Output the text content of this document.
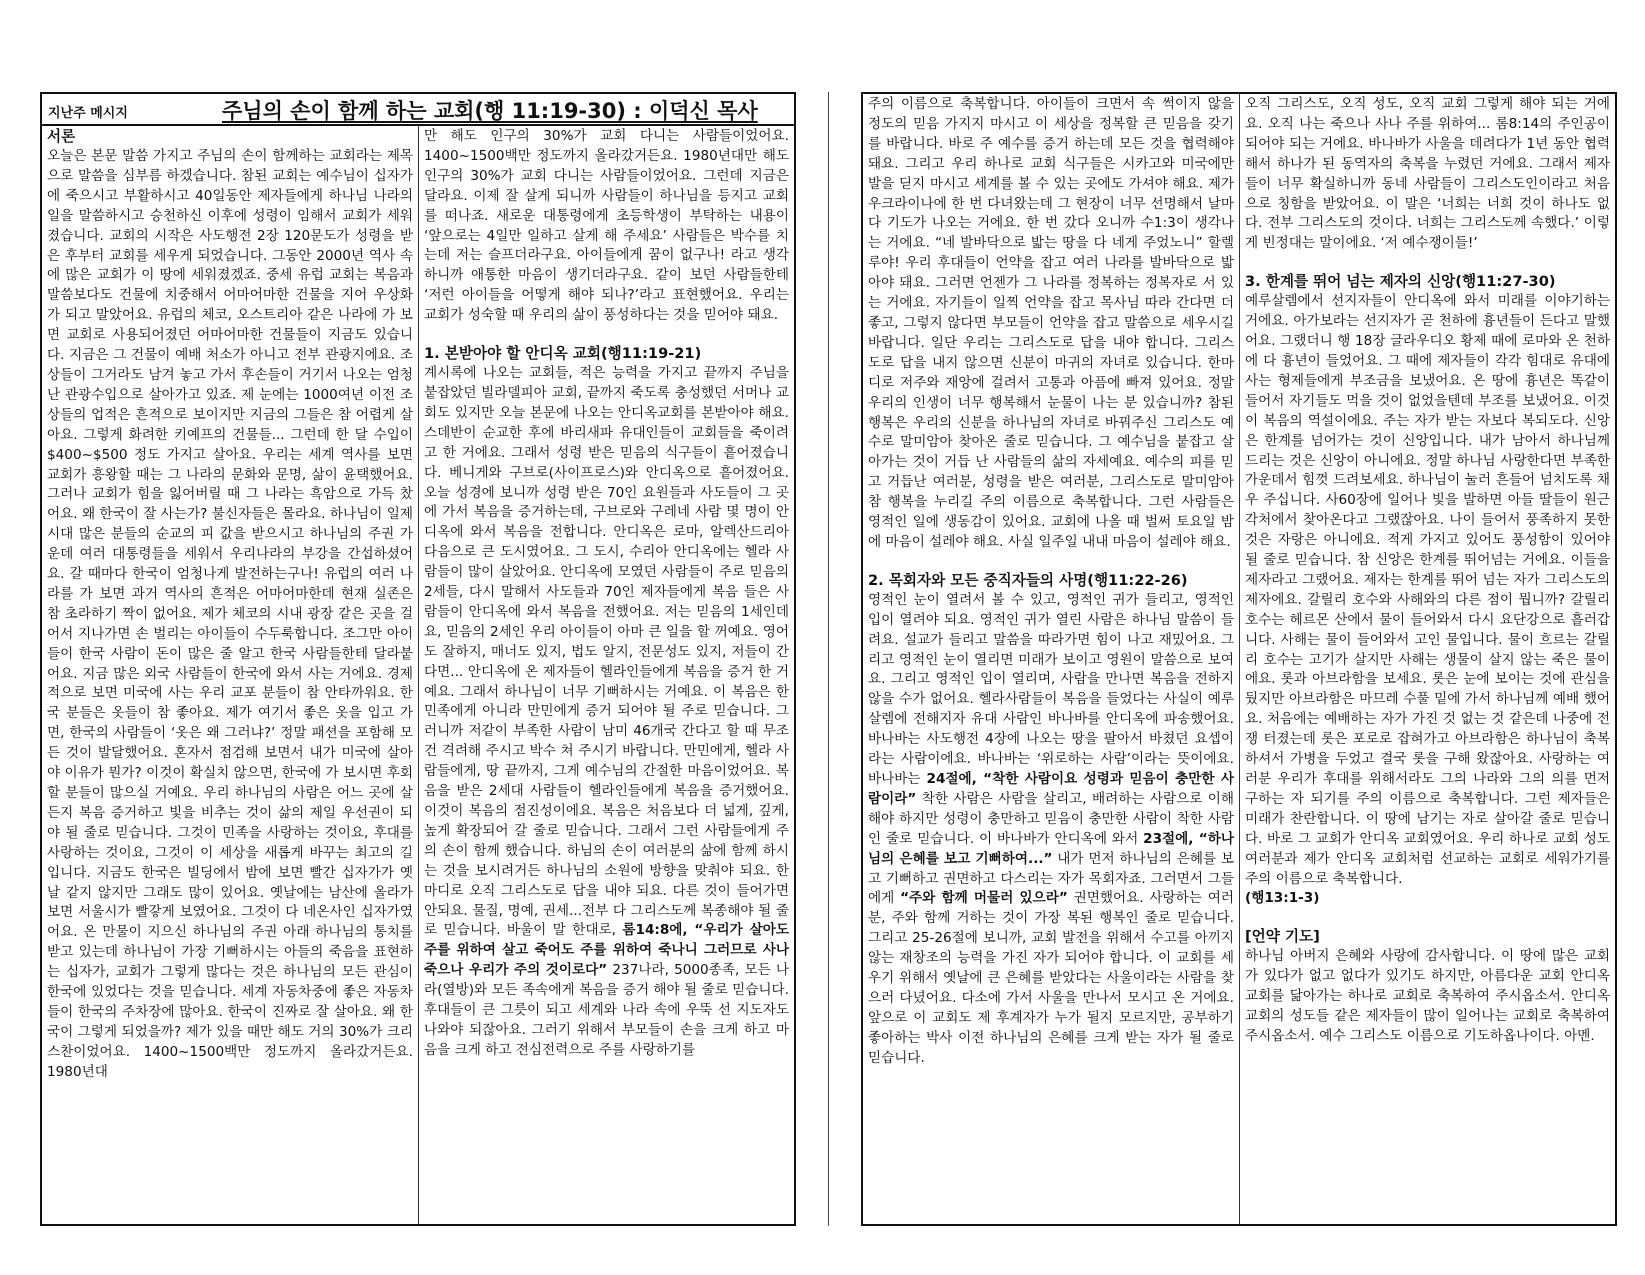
지난주 메시지	주님의 손이 함께 하는 교회(행 11:19-30) : 이덕신 목사

서론

오늘은 본문 말씀 가지고 주님의 손이 함께하는 교회라는 제목으로 말씀을 심부름 하겠습니다. 참된 교회는 예수님이 십자가에 죽으시고 부활하시고 40일동안 제자들에게 하나님 나라의 일을 말씀하시고 승천하신 이후에 성령이 임해서 교회가 세워졌습니다. 교회의 시작은 사도행전 2장 120문도가 성령을 받은 후부터 교회를 세우게 되었습니다. 그동안 2000년 역사 속에 많은 교회가 이 땅에 세워졌겠죠. 중세 유럽 교회는 복음과 말씀보다도 건물에 치중해서 어마어마한 건물을 지어 우상화가 되고 말았어요. 유럽의 체코, 오스트리아 같은 나라에 가 보면 교회로 사용되어졌던 어마어마한 건물들이 지금도 있습니다. 지금은 그 건물이 예배 처소가 아니고 전부 관광지에요. 조상들이 그거라도 남겨 놓고 가서 후손들이 거기서 나오는 엄청난 관광수입으로 살아가고 있죠. 제 눈에는 1000여년 이전 조상들의 업적은 흔적으로 보이지만 지금의 그들은 참 어렵게 살아요. 그렇게 화려한 키예프의 건물들... 그런데 한 달 수입이 $400~$500 정도 가지고 살아요. 우리는 세계 역사를 보면 교회가 흥왕할 때는 그 나라의 문화와 문명, 삶이 윤택했어요. 그러나 교회가 힘을 잃어버릴 때 그 나라는 흑암으로 가득 찼어요. 왜 한국이 잘 사는가? 불신자들은 몰라요. 하나님이 일제시대 많은 분들의 순교의 피 값을 받으시고 하나님의 주권 가운데 여러 대통령들을 세워서 우리나라의 부강을 간섭하셨어요. 갈 때마다 한국이 엄청나게 발전하는구나! 유럽의 여러 나라를 가 보면 과거 역사의 흔적은 어마어마한데 현재 실존은 참 초라하기 짝이 없어요. 제가 체코의 시내 광장 같은 곳을 걸어서 지나가면 손 벌리는 아이들이 수두룩합니다. 조그만 아이들이 한국 사람이 돈이 많은 줄 알고 한국 사람들한테 달라붙어요. 지금 많은 외국 사람들이 한국에 와서 사는 거에요. 경제적으로 보면 미국에 사는 우리 교포 분들이 참 안타까워요. 한국 분들은 옷들이 참 좋아요. 제가 여기서 좋은 옷을 입고 가면, 한국의 사람들이 ‘옷은 왜 그러냐?’ 정말 패션을 포함해 모든 것이 발달했어요. 혼자서 점검해 보면서 내가 미국에 살아야 이유가 뭔가? 이것이 확실치 않으면, 한국에 가 보시면 후회할 분들이 많으실 거예요. 우리 하나님의 사람은 어느 곳에 살든지 복음 증거하고 빛을 비추는 것이 삶의 제일 우선권이 되야 될 줄로 믿습니다. 그것이 민족을 사랑하는 것이요, 후대를 사랑하는 것이요, 그것이 이 세상을 새롭게 바꾸는 최고의 길입니다. 지금도 한국은 빌딩에서 밤에 보면 빨간 십자가가 옛날 같지 않지만 그래도 많이 있어요. 옛날에는 남산에 올라가보면 서울시가 빨갛게 보였어요. 그것이 다 네온사인 십자가였어요. 온 만물이 지으신 하나님의 주권 아래 하나님의 통치를 받고 있는데 하나님이 가장 기뻐하시는 아들의 죽음을 표현하는 십자가, 교회가 그렇게 많다는 것은 하나님의 모든 관심이 한국에 있었다는 것을 믿습니다. 세계 자동차중에 좋은 자동차들이 한국의 주차장에 많아요. 한국이 진짜로 잘 살아요. 왜 한국이 그렇게 되었을까? 제가 있을 때만 해도 거의 30%가 크리스찬이었어요. 1400~1500백만 정도까지 올라갔거든요. 1980년대

만 해도 인구의 30%가 교회 다니는 사람들이었어요. 1400~1500백만 정도까지 올라갔거든요. 1980년대만 해도 인구의 30%가 교회 다니는 사람들이었어요. 그런데 지금은 달라요. 이제 잘 살게 되니까 사람들이 하나님을 등지고 교회를 떠나죠. 새로운 대통령에게 초등학생이 부탁하는 내용이 ‘앞으로는 4일만 일하고 살게 해 주세요’ 사람들은 박수를 치는데 저는 슬프더라구요. 아이들에게 꿈이 없구나! 라고 생각하니까 애통한 마음이 생기더라구요. 같이 보던 사람들한테 ‘저런 아이들을 어떻게 해야 되나?’라고 표현했어요. 우리는 교회가 성숙할 때 우리의 삶이 풍성하다는 것을 믿어야 돼요.

1. 본받아야 할 안디옥 교회(행11:19-21)

계시록에 나오는 교회들, 적은 능력을 가지고 끝까지 주님을 붙잡았던 빌라델피아 교회, 끝까지 죽도록 충성했던 서머나 교회도 있지만 오늘 본문에 나오는 안디옥교회를 본받아야 해요. 스데반이 순교한 후에 바리새파 유대인들이 교회들을 죽이려고 한 거에요. 그래서 성령 받은 믿음의 식구들이 흩어졌습니다. 베니게와 구브로(사이프로스)와 안디옥으로 흩어졌어요. 오늘 성경에 보니까 성령 받은 70인 요원들과 사도들이 그 곳에 가서 복음을 증거하는데, 구브로와 구레네 사람 몇 명이 안디옥에 와서 복음을 전합니다. 안디옥은 로마, 알렉산드리아 다음으로 큰 도시였어요. 그 도시, 수리아 안디옥에는 헬라 사람들이 많이 살았어요. 안디옥에 모였던 사람들이 주로 믿음의 2세들, 다시 말해서 사도들과 70인 제자들에게 복음 들은 사람들이 안디옥에 와서 복음을 전했어요. 저는 믿음의 1세인데요, 믿음의 2세인 우리 아이들이 아마 큰 일을 할 꺼예요. 영어도 잘하지, 매너도 있지, 법도 알지, 전문성도 있지, 저들이 간다면... 안디옥에 온 제자들이 헬라인들에게 복음을 증거 한 거예요. 그래서 하나님이 너무 기뻐하시는 거예요. 이 복음은 한 민족에게 아니라 만민에게 증거 되어야 될 주로 믿습니다. 그러니까 저같이 부족한 사람이 남미 46개국 간다고 할 때 무조건 격려해 주시고 박수 쳐 주시기 바랍니다. 만민에게, 헬라 사람들에게, 땅 끝까지, 그게 예수님의 간절한 마음이었어요. 복음을 받은 2세대 사람들이 헬라인들에게 복음을 증거했어요. 이것이 복음의 점진성이에요. 복음은 처음보다 더 넓게, 깊게, 높게 확장되어 갈 줄로 믿습니다. 그래서 그런 사람들에게 주의 손이 함께 했습니다. 하님의 손이 여러분의 삶에 함께 하시는 것을 보시려거든 하나님의 소원에 방향을 맞춰야 되요. 한마디로 오직 그리스도로 답을 내야 되요. 다른 것이 들어가면 안되요. 물질, 명예, 권세...전부 다 그리스도께 복종해야 될 줄로 믿습니다. 바울이 말 한대로, 롬14:8에, “우리가 살아도 주를 위하여 살고 죽어도 주를 위하여 죽나니 그러므로 사나 죽으나 우리가 주의 것이로다” 237나라, 5000종족, 모든 나라(열방)와 모든 족속에게 복음을 증거 해야 될 줄로 믿습니다. 후대들이 큰 그릇이 되고 세계와 나라 속에 우뚝 선 지도자도 나와야 되잖아요. 그러기 위해서 부모들이 손을 크게 하고 마음을 크게 하고 전심전력으로 주를 사랑하기를

주의 이름으로 축복합니다. 아이들이 크면서 속 썩이지 않을 정도의 믿음 가지지 마시고 이 세상을 정복할 큰 믿음을 갖기를 바랍니다. 바로 주 예수를 증거 하는데 모든 것을 협력해야 돼요. 그리고 우리 하나로 교회 식구들은 시카고와 미국에만 발을 딛지 마시고 세계를 볼 수 있는 곳에도 가셔야 해요. 제가 우크라이나에 한 번 다녀왔는데 그 현장이 너무 선명해서 날마다 기도가 나오는 거에요. 한 번 갔다 오니까 수1:3이 생각나는 거에요. “네 발바닥으로 밟는 땅을 다 네게 주었노니” 할렐루야! 우리 후대들이 언약을 잡고 여러 나라를 발바닥으로 밟아야 돼요. 그러면 언젠가 그 나라를 정복하는 정복자로 서 있는 거에요. 자기들이 일찍 언약을 잡고 목사님 따라 간다면 더 좋고, 그렇지 않다면 부모들이 언약을 잡고 말씀으로 세우시길 바랍니다. 일단 우리는 그리스도로 답을 내야 합니다. 그리스도로 답을 내지 않으면 신분이 마귀의 자녀로 있습니다. 한마디로 저주와 재앙에 걸려서 고통과 아픔에 빠져 있어요. 정말 우리의 인생이 너무 행복해서 눈물이 나는 분 있습니까? 참된 행복은 우리의 신분을 하나님의 자녀로 바꿔주신 그리스도 예수로 말미암아 찾아온 줄로 믿습니다. 그 예수님을 붙잡고 살아가는 것이 거듭 난 사람들의 삶의 자세예요. 예수의 피를 믿고 거듭난 여러분, 성령을 받은 여러분, 그리스도로 말미암아 참 행복을 누리길 주의 이름으로 축복합니다. 그런 사람들은 영적인 일에 생동감이 있어요. 교회에 나올 때 벌써 토요일 밤에 마음이 설레야 해요. 사실 일주일 내내 마음이 설레야 해요.

2. 목회자와 모든 중직자들의 사명(행11:22-26)

영적인 눈이 열려서 볼 수 있고, 영적인 귀가 들리고, 영적인 입이 열려야 되요. 영적인 귀가 열린 사람은 하나님 말씀이 들려요. 설교가 들리고 말씀을 따라가면 힘이 나고 재밌어요. 그리고 영적인 눈이 열리면 미래가 보이고 영원이 말씀으로 보여요. 그리고 영적인 입이 열리며, 사람을 만나면 복음을 전하지 않을 수가 없어요. 헬라사람들이 복음을 들었다는 사실이 예루살렘에 전해지자 유대 사람인 바나바를 안디옥에 파송했어요. 바나바는 사도행전 4장에 나오는 땅을 팔아서 바쳤던 요셉이라는 사람이에요. 바나바는 ‘위로하는 사람’이라는 뜻이에요. 바나바는 24절에, “착한 사람이요 성령과 믿음이 충만한 사람이라” 착한 사람은 사람을 살리고, 배려하는 사람으로 이해해야 하지만 성령이 충만하고 믿음이 충만한 사람이 착한 사람인 줄로 믿습니다. 이 바나바가 안디옥에 와서 23절에, “하나님의 은혜를 보고 기뻐하여...” 내가 먼저 하나님의 은혜를 보고 기뻐하고 권면하고 다스리는 자가 목회자죠. 그러면서 그들에게 “주와 함께 머물러 있으라” 권면했어요. 사랑하는 여러분, 주와 함께 거하는 것이 가장 복된 행복인 줄로 믿습니다. 그리고 25-26절에 보니까, 교회 발전을 위해서 수고를 아끼지 않는 재창조의 능력을 가진 자가 되어야 합니다. 이 교회를 세우기 위해서 옛날에 큰 은혜를 받았다는 사울이라는 사람을 찾으러 다녔어요. 다소에 가서 사울을 만나서 모시고 온 거에요. 앞으로 이 교회도 제 후계자가 누가 될지 모르지만, 공부하기 좋아하는 박사 이전 하나님의 은혜를 크게 받는 자가 될 줄로 믿습니다.

오직 그리스도, 오직 성도, 오직 교회 그렇게 해야 되는 거에요. 오직 나는 죽으나 사나 주를 위하여... 롬8:14의 주인공이 되어야 되는 거에요. 바나바가 사울을 데려다가 1년 동안 협력해서 하나가 된 동역자의 축복을 누렸던 거에요. 그래서 제자들이 너무 확실하니까 동네 사람들이 그리스도인이라고 처음으로 칭함을 받았어요. 이 말은 ‘너희는 너희 것이 하나도 없다. 전부 그리스도의 것이다. 너희는 그리스도께 속했다.’ 이렇게 빈정대는 말이에요. ‘저 예수쟁이들!’

3. 한계를 뛰어 넘는 제자의 신앙(행11:27-30)

예루살렘에서 선지자들이 안디옥에 와서 미래를 이야기하는 거에요. 아가보라는 선지자가 곧 천하에 흉년들이 든다고 말했어요. 그랬더니 행 18장 글라우디오 황제 때에 로마와 온 천하에 다 흉년이 들었어요. 그 때에 제자들이 각각 힘대로 유대에 사는 형제들에게 부조금을 보냈어요. 온 땅에 흉년은 똑같이 들어서 자기들도 먹을 것이 없었을텐데 부조를 보냈어요. 이것이 복음의 역설이에요. 주는 자가 받는 자보다 복되도다. 신앙은 한계를 넘어가는 것이 신앙입니다. 내가 남아서 하나님께 드리는 것은 신앙이 아니에요. 정말 하나님 사랑한다면 부족한 가운데서 힘껏 드려보세요. 하나님이 눌러 흔들어 넘치도록 채우 주십니다. 사60장에 일어나 빛을 발하면 아들 딸들이 원근 각처에서 찾아온다고 그랬잖아요. 나이 들어서 풍족하지 못한 것은 자랑은 아니에요. 적게 가지고 있어도 풍성함이 있어야 될 줄로 믿습니다. 참 신앙은 한계를 뛰어넘는 거에요. 이들을 제자라고 그랬어요. 제자는 한계를 뛰어 넘는 자가 그리스도의 제자에요. 갈릴리 호수와 사해와의 다른 점이 뭡니까? 갈릴리 호수는 헤르몬 산에서 물이 들어와서 다시 요단강으로 흘러갑니다. 사해는 물이 들어와서 고인 물입니다. 물이 흐르는 갈릴리 호수는 고기가 살지만 사해는 생물이 살지 않는 죽은 물이에요. 롯과 아브라함을 보세요. 롯은 눈에 보이는 것에 관심을 뒀지만 아브라함은 마므레 수풀 밑에 가서 하나님께 예배 했어요. 처음에는 예배하는 자가 가진 것 없는 것 같은데 나중에 전쟁 터졌는데 롯은 포로로 잡혀가고 아브라함은 하나님이 축복하셔서 가병을 두었고 결국 롯을 구해 왔잖아요. 사랑하는 여러분 우리가 후대를 위해서라도 그의 나라와 그의 의를 먼저 구하는 자 되기를 주의 이름으로 축복합니다. 그런 제자들은 미래가 찬란합니다. 이 땅에 남기는 자로 살아갈 줄로 믿습니다. 바로 그 교회가 안디옥 교회였어요. 우리 하나로 교회 성도 여러분과 제가 안디옥 교회처럼 선교하는 교회로 세워가기를 주의 이름으로 축복합니다.

(행13:1-3)

[언약 기도]

하나님 아버지 은혜와 사랑에 감사합니다. 이 땅에 많은 교회가 있다가 없고 없다가 있기도 하지만, 아름다운 교회 안디옥 교회를 닮아가는 하나로 교회로 축복하여 주시옵소서. 안디옥 교회의 성도들 같은 제자들이 많이 일어나는 교회로 축복하여 주시옵소서. 예수 그리스도 이름으로 기도하옵나이다. 아멘.
